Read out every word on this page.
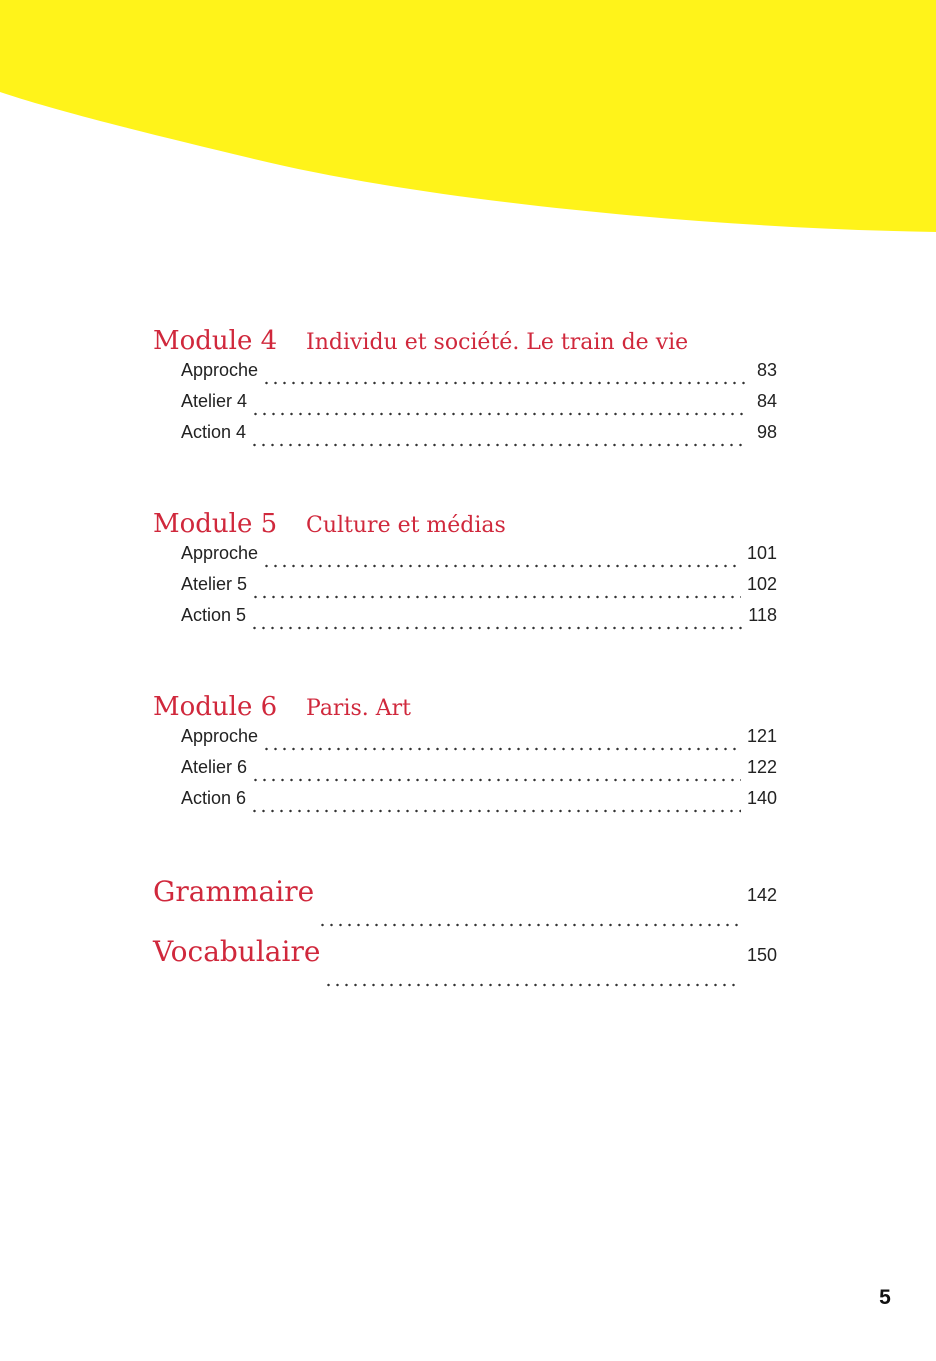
Module 4	Individu et société. Le train de vie
Approche	83
Atelier 4	84
Action 4	98
Module 5	Culture et médias
Approche	101
Atelier 5	102
Action 5	118
Module 6	Paris. Art
Approche	121
Atelier 6	122
Action 6	140
Grammaire	142
Vocabulaire	150
5
